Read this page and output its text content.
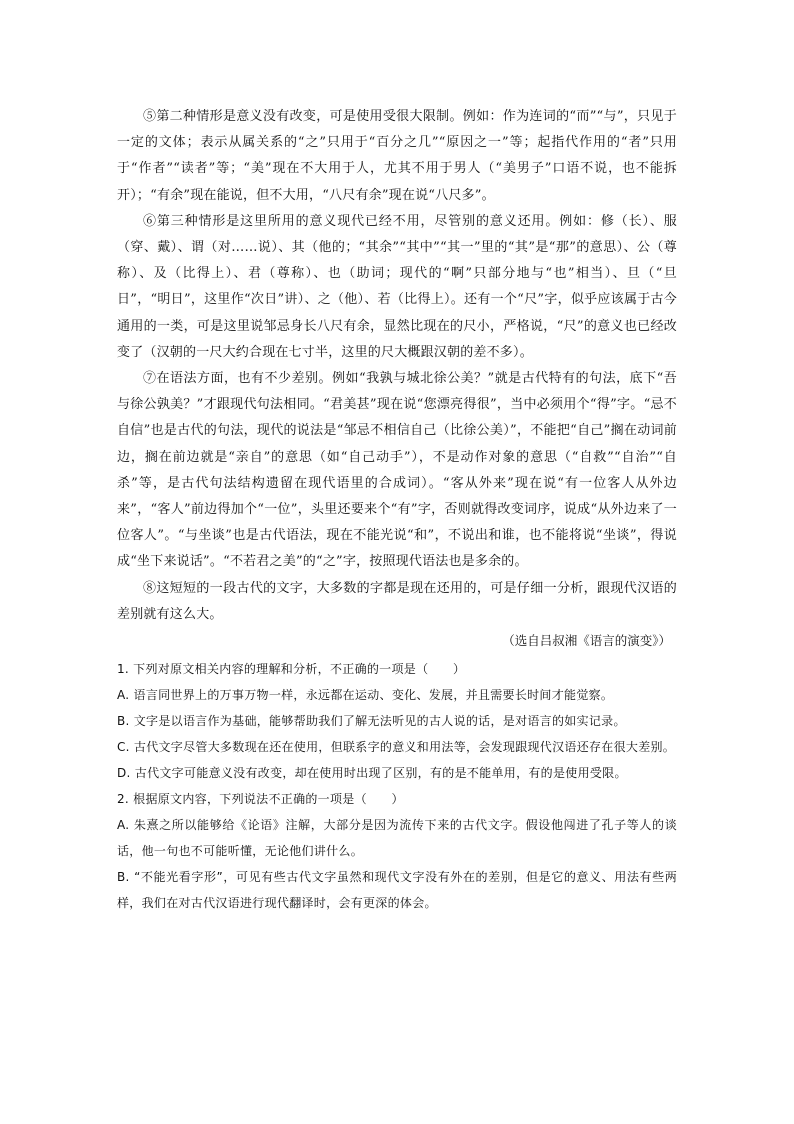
⑤第二种情形是意义没有改变，可是使用受很大限制。例如：作为连词的“而”“与”，只见于一定的文体；表示从属关系的“之”只用于“百分之几”“原因之一”等；起指代作用的“者”只用于“作者”“读者”等；“美”现在不大用于人，尤其不用于男人（“美男子”口语不说，也不能拆开）；“有余”现在能说，但不大用，“八尺有余”现在说“八尺多”。

⑥第三种情形是这里所用的意义现代已经不用，尽管别的意义还用。例如：修（长）、服（穿、戴）、谓（对……说）、其（他的；“其余”“其中”“其一”里的“其”是“那”的意思）、公（尊称）、及（比得上）、君（尊称）、也（助词；现代的“啊”只部分地与“也”相当）、旦（“旦日”，“明日”，这里作“次日”讲）、之（他）、若（比得上）。还有一个“尺”字，似乎应该属于古今通用的一类，可是这里说邹忌身长八尺有余，显然比现在的尺小，严格说，“尺”的意义也已经改变了（汉朝的一尺大约合现在七寸半，这里的尺大概跟汉朝的差不多）。

⑦在语法方面，也有不少差别。例如“我孰与城北徐公美？”就是古代特有的句法，底下“吾与徐公孰美？”才跟现代句法相同。“君美甚”现在说“您漂亮得很”，当中必须用个“得”字。“忌不自信”也是古代的句法，现代的说法是“邹忌不相信自己（比徐公美）”，不能把“自己”搁在动词前边，搁在前边就是“亲自”的意思（如“自己动手”），不是动作对象的意思（“自救”“自治”“自杀”等，是古代句法结构遗留在现代语里的合成词）。“客从外来”现在说“有一位客人从外边来”，“客人”前边得加个“一位”，头里还要来个“有”字，否则就得改变词序，说成“从外边来了一位客人”。“与坐谈”也是古代语法，现在不能光说“和”，不说出和谁，也不能将说“坐谈”，得说成“坐下来说话”。“不若君之美”的“之”字，按照现代语法也是多余的。

⑧这短短的一段古代的文字，大多数的字都是现在还用的，可是仔细一分析，跟现代汉语的差别就有这么大。

（选自吕叔湘《语言的演变》）

1. 下列对原文相关内容的理解和分析，不正确的一项是（　　）

A. 语言同世界上的万事万物一样，永远都在运动、变化、发展，并且需要长时间才能觉察。

B. 文字是以语言作为基础，能够帮助我们了解无法听见的古人说的话，是对语言的如实记录。

C. 古代文字尽管大多数现在还在使用，但联系字的意义和用法等，会发现跟现代汉语还存在很大差别。

D. 古代文字可能意义没有改变，却在使用时出现了区别，有的是不能单用，有的是使用受限。

2. 根据原文内容，下列说法不正确的一项是（　　）

A. 朱熹之所以能够给《论语》注解，大部分是因为流传下来的古代文字。假设他闯进了孔子等人的谈话，他一句也不可能听懂，无论他们讲什么。

B. “不能光看字形”，可见有些古代文字虽然和现代文字没有外在的差别，但是它的意义、用法有些两样，我们在对古代汉语进行现代翻译时，会有更深的体会。
